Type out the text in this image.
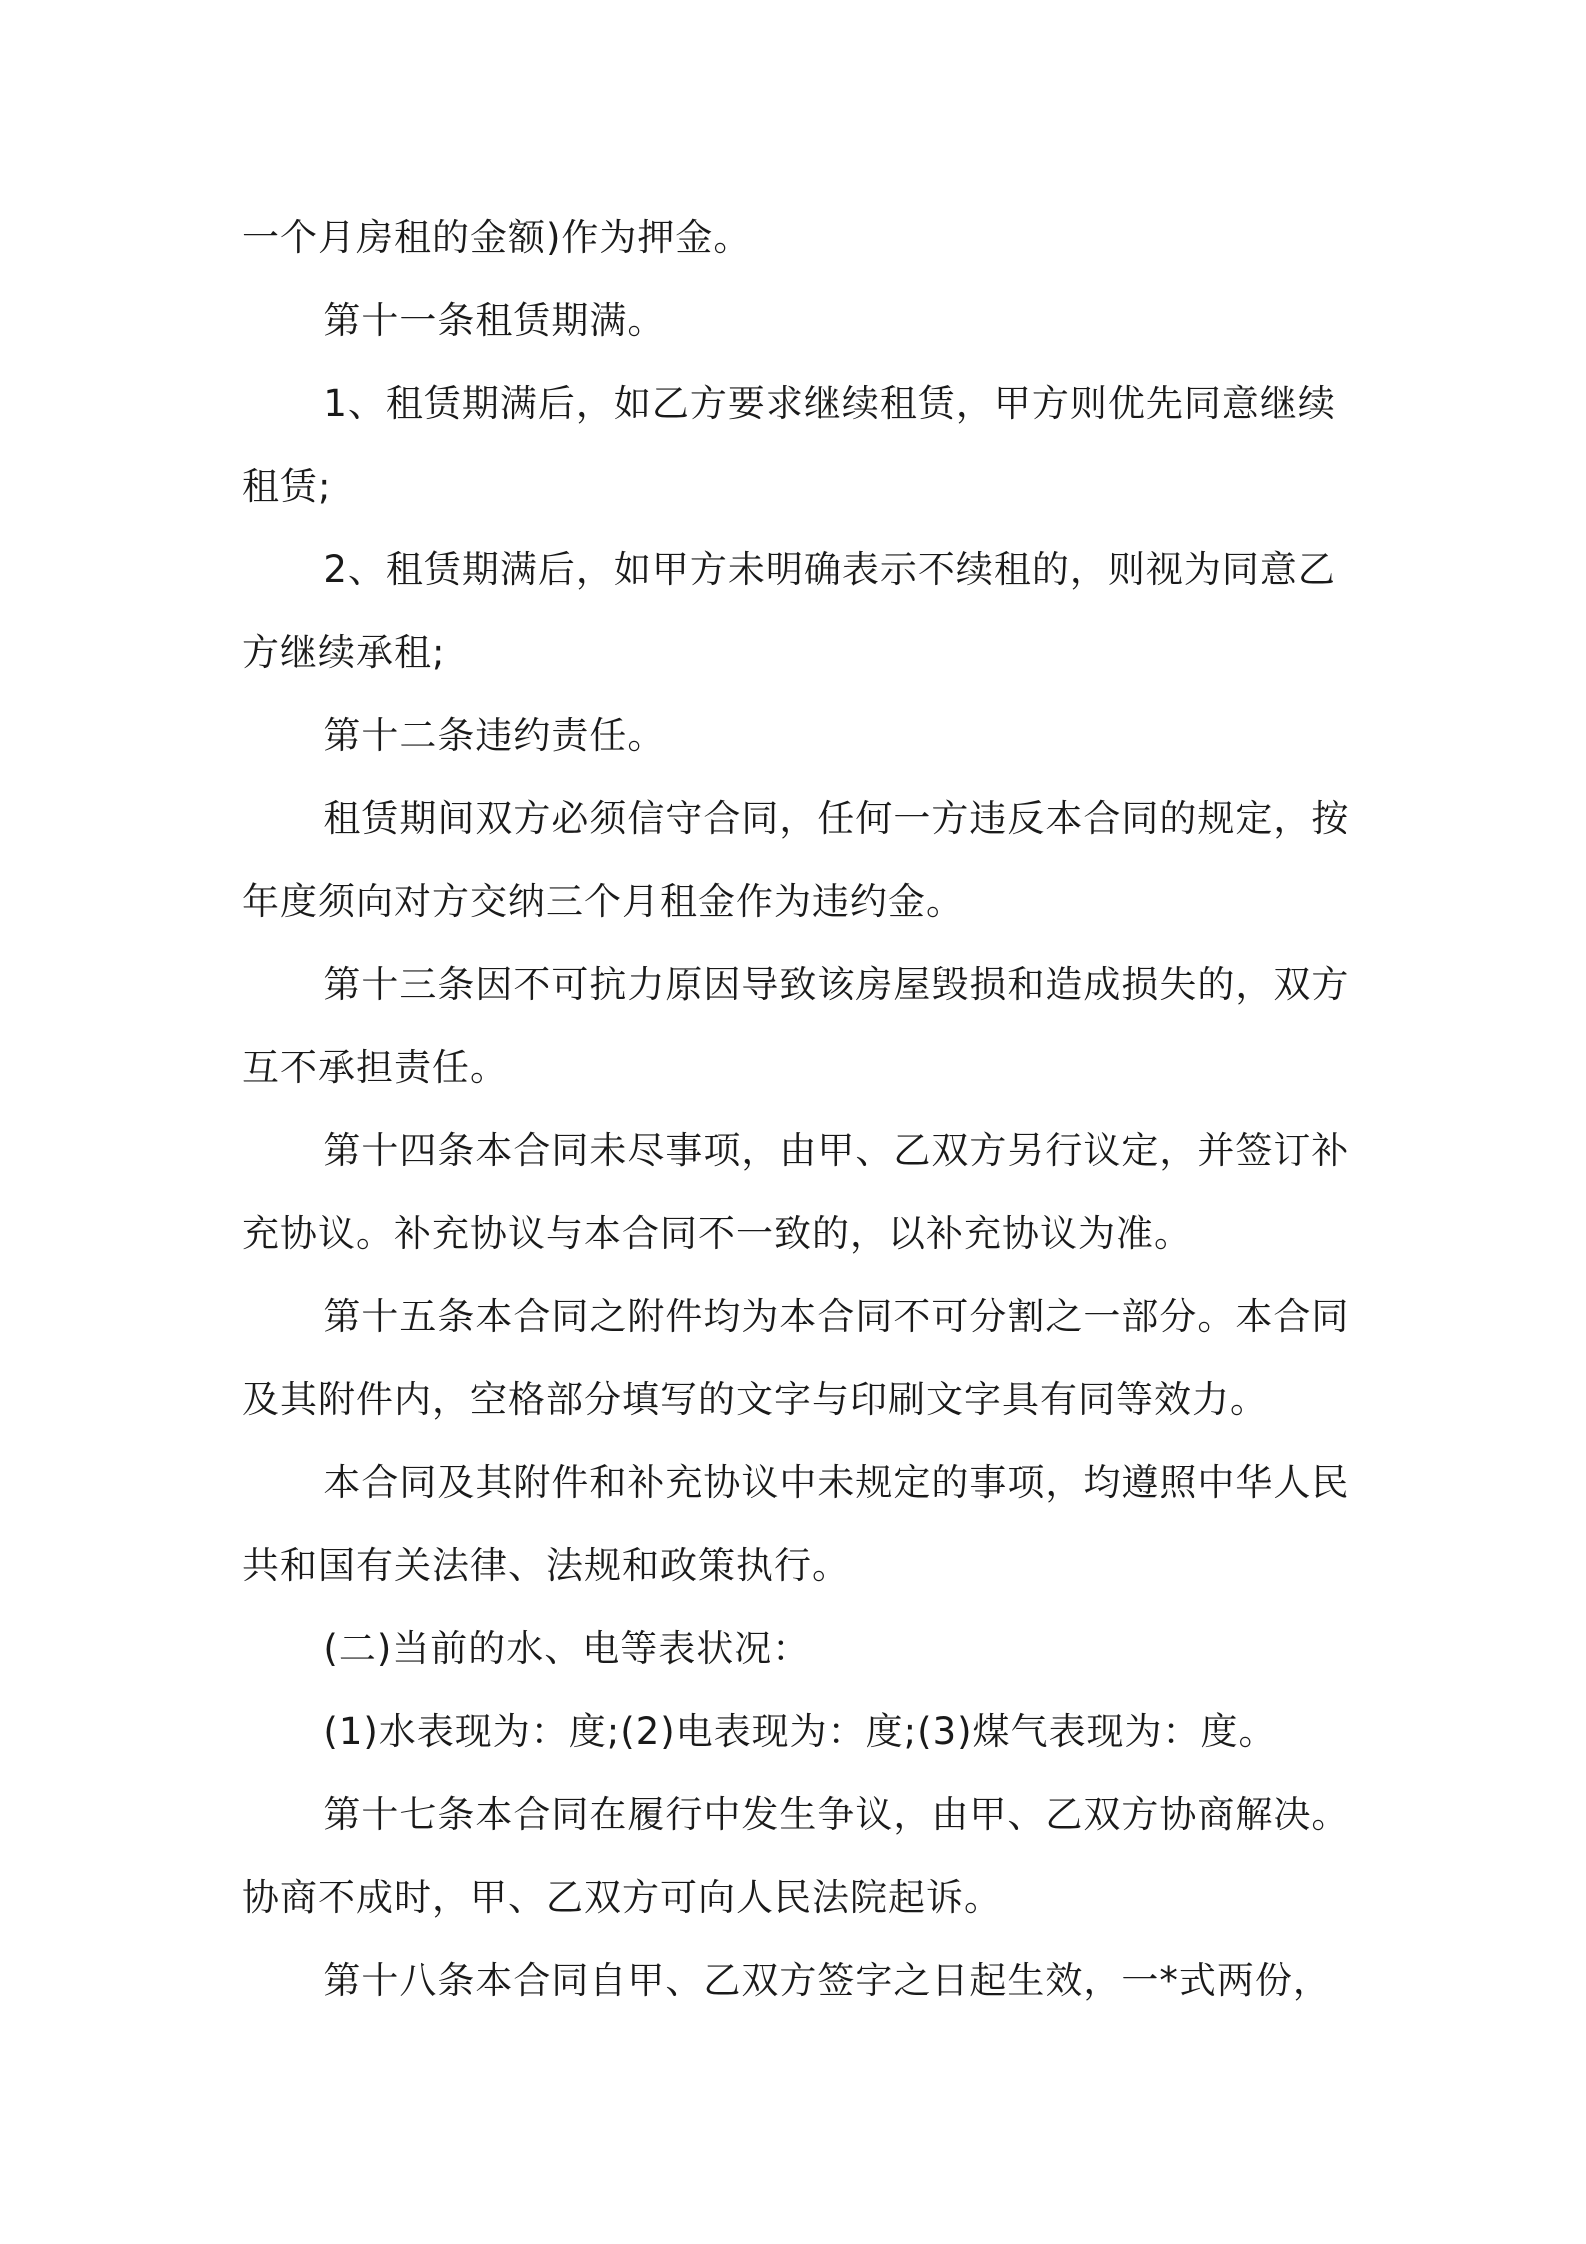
一个月房租的金额)作为押金。

第十一条租赁期满。

1、租赁期满后，如乙方要求继续租赁，甲方则优先同意继续租赁;

2、租赁期满后，如甲方未明确表示不续租的，则视为同意乙方继续承租;

第十二条违约责任。

租赁期间双方必须信守合同，任何一方违反本合同的规定，按年度须向对方交纳三个月租金作为违约金。

第十三条因不可抗力原因导致该房屋毁损和造成损失的，双方互不承担责任。

第十四条本合同未尽事项，由甲、乙双方另行议定，并签订补充协议。补充协议与本合同不一致的，以补充协议为准。

第十五条本合同之附件均为本合同不可分割之一部分。本合同及其附件内，空格部分填写的文字与印刷文字具有同等效力。

本合同及其附件和补充协议中未规定的事项，均遵照中华人民共和国有关法律、法规和政策执行。

(二)当前的水、电等表状况：

(1)水表现为：度;(2)电表现为：度;(3)煤气表现为：度。

第十七条本合同在履行中发生争议，由甲、乙双方协商解决。协商不成时，甲、乙双方可向人民法院起诉。

第十八条本合同自甲、乙双方签字之日起生效，一*式两份，
